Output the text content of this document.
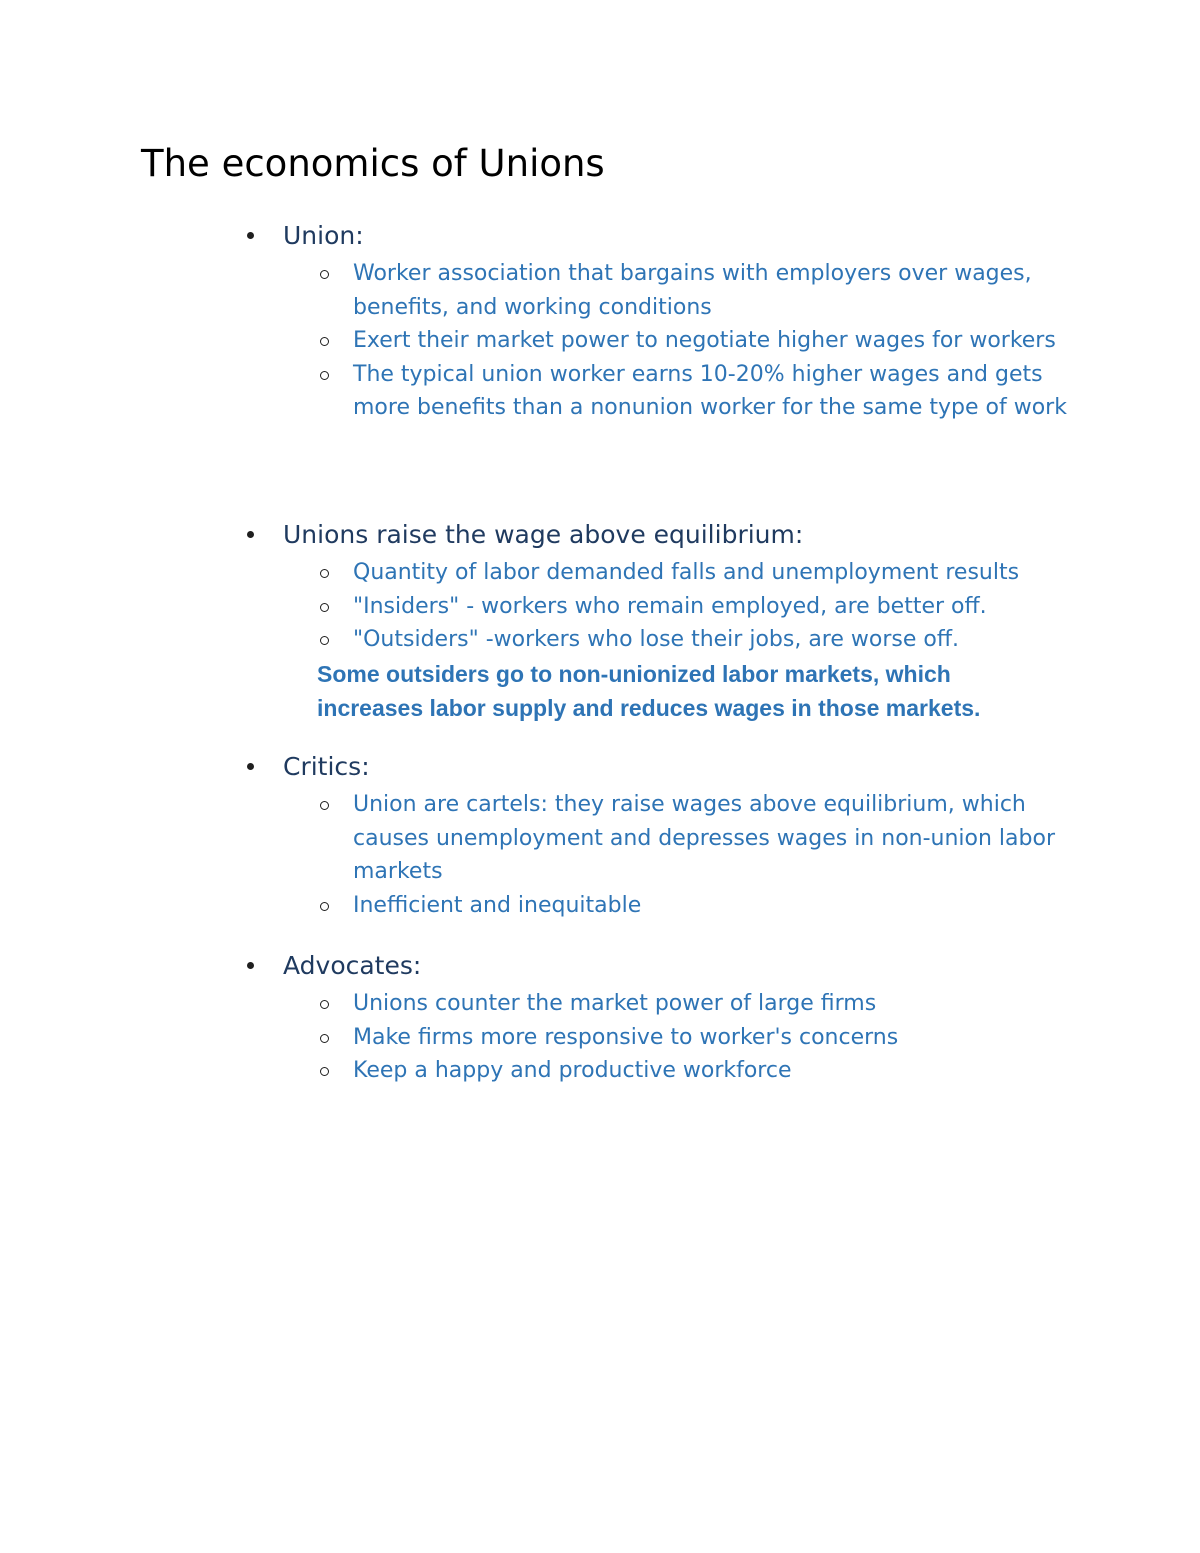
The economics of Unions
Union:
Worker association that bargains with employers over wages, benefits, and working conditions
Exert their market power to negotiate higher wages for workers
The typical union worker earns 10-20% higher wages and gets more benefits than a nonunion worker for the same type of work
Unions raise the wage above equilibrium:
Quantity of labor demanded falls and unemployment results
"Insiders" - workers who remain employed, are better off.
"Outsiders" -workers who lose their jobs, are worse off.
Some outsiders go to non-unionized labor markets, which increases labor supply and reduces wages in those markets.
Critics:
Union are cartels: they raise wages above equilibrium, which causes unemployment and depresses wages in non-union labor markets
Inefficient and inequitable
Advocates:
Unions counter the market power of large firms
Make firms more responsive to worker's concerns
Keep a happy and productive workforce
